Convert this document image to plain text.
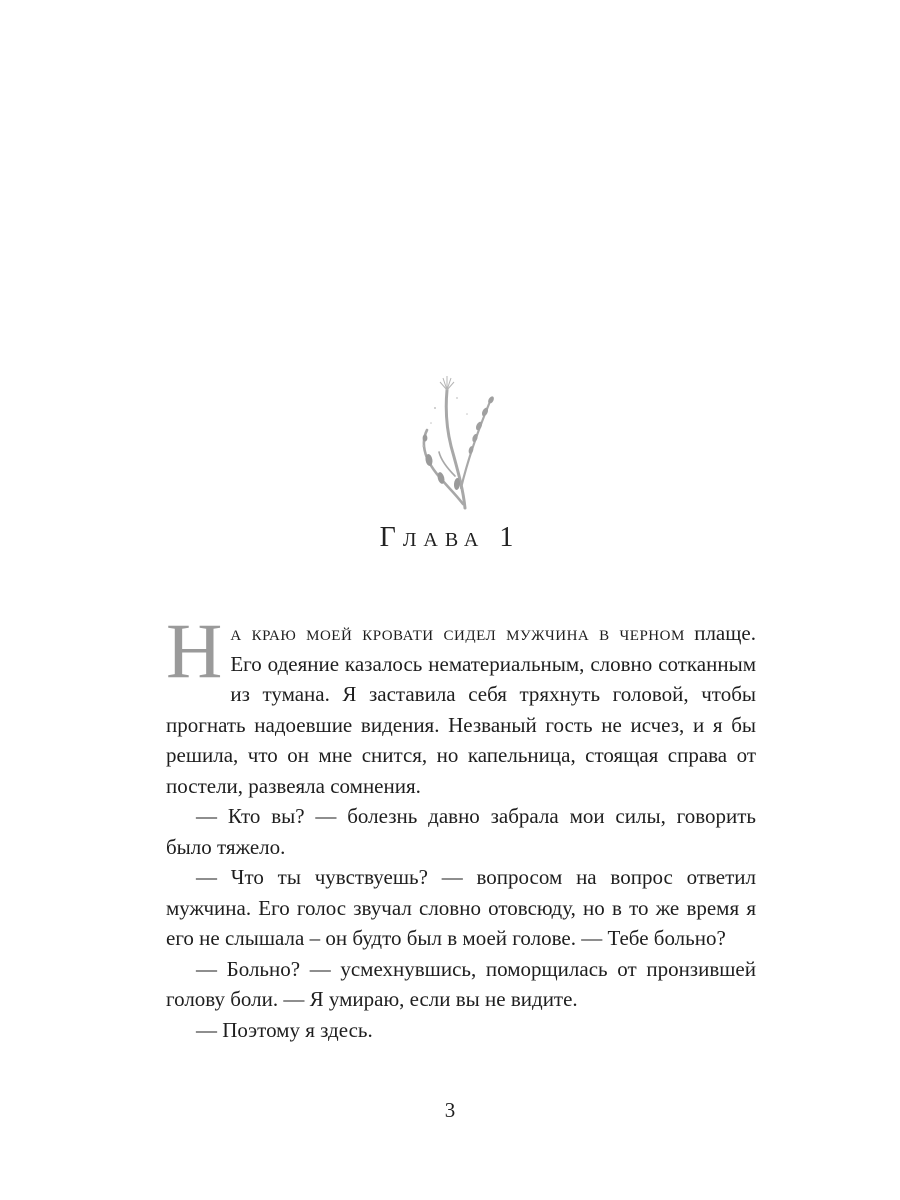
Глава 1

На краю моей кровати сидел мужчина в черном плаще. Его одеяние казалось нематериальным, словно сотканным из тумана. Я заставила себя тряхнуть головой, чтобы прогнать надоевшие видения. Незваный гость не исчез, и я бы решила, что он мне снится, но капельница, стоящая справа от постели, развеяла сомнения.

— Кто вы? — болезнь давно забрала мои силы, говорить было тяжело.

— Что ты чувствуешь? — вопросом на вопрос ответил мужчина. Его голос звучал словно отовсюду, но в то же время я его не слышала – он будто был в моей голове. — Тебе больно?

— Больно? — усмехнувшись, поморщилась от пронзившей голову боли. — Я умираю, если вы не видите.

— Поэтому я здесь.

3
